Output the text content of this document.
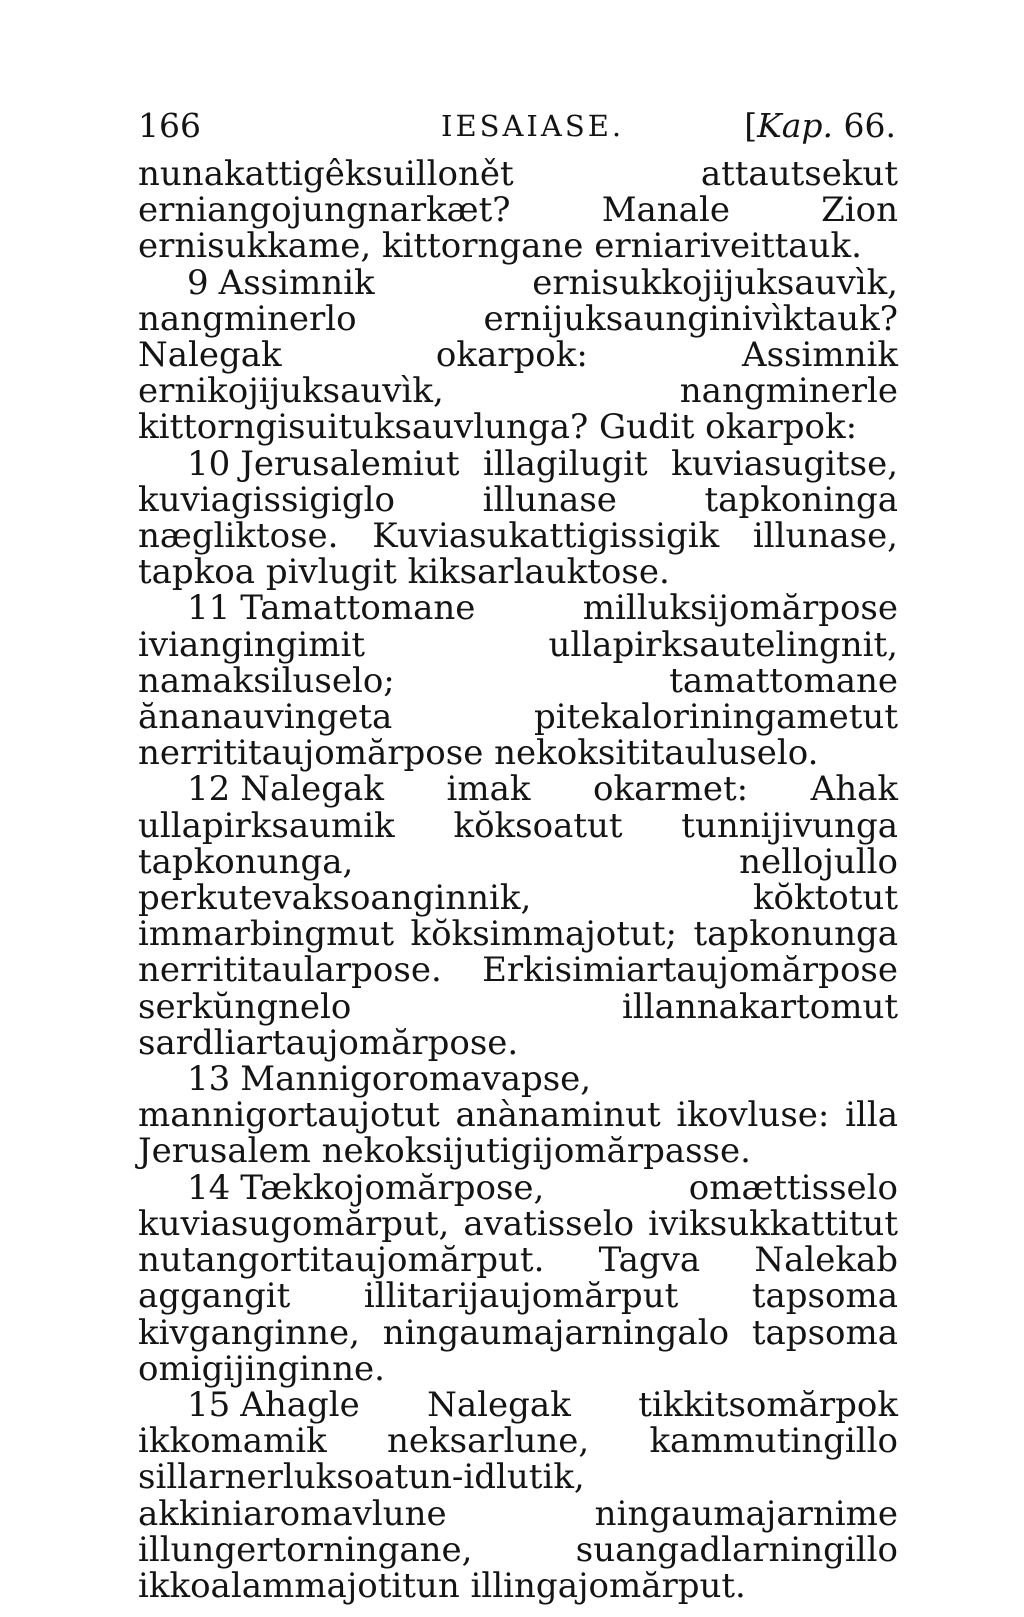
166	IESAIASE.	[Kap. 66.

nunakattigêksuillonět attautsekut erniangojungnarkæt? Manale Zion ernisukkame, kittorngane erniariveittauk.

9 Assimnik ernisukkojijuksauvìk, nangminerlo ernijuksaunginivìktauk? Nalegak okarpok: Assimnik ernikojijuksauvìk, nangminerle kittorngisuituksauvlunga? Gudit okarpok:

10 Jerusalemiut illagilugit kuviasugitse, kuviagissigiglo illunase tapkoninga nægliktose. Kuviasukattigissigik illunase, tapkoa pivlugit kiksarlauktose.

11 Tamattomane milluksijomărpose iviangingimit ullapirksautelingnit, namaksiluselo; tamattomane ănanauvingeta pitekaloriningametut nerrititaujomărpose nekoksititauluselo.

12 Nalegak imak okarmet: Ahak ullapirksaumik kŏksoatut tunnijivunga tapkonunga, nellojullo perkutevaksoanginnik, kŏktotut immarbingmut kŏksimmajotut; tapkonunga nerrititaularpose. Erkisimiartaujomărpose serkŭngnelo illannakartomut sardliartaujomărpose.

13 Mannigoromavapse, mannigortaujotut anànaminut ikovluse: illa Jerusalem nekoksijutigijomărpasse.

14 Tækkojomărpose, omættisselo kuviasugomărput, avatisselo iviksukkattitut nutangortitaujomărput. Tagva Nalekab aggangit illitarijaujomărput tapsoma kivganginne, ningaumajarningalo tapsoma omigijinginne.

15 Ahagle Nalegak tikkitsomărpok ikkomamik neksarlune, kammutingillo sillarnerluksoatun-idlutik, akkiniaromavlune ningaumajarnime illungertorningane, suangadlarningillo ikkoalammajotitun illingajomărput.
